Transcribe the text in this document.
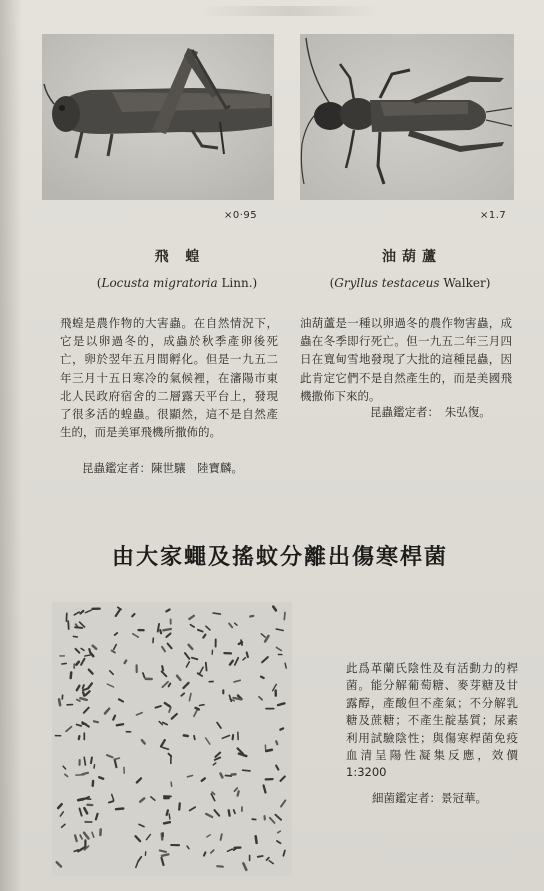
×0·95	×1.7
飛 蝗	油葫蘆
(Locusta migratoria Linn.)	(Gryllus testaceus Walker)
飛蝗是農作物的大害蟲。在自然情況下，它是以卵過冬的，成蟲於秋季產卵後死亡，卵於翌年五月間孵化。但是一九五二年三月十五日寒冷的氣候裡，在瀋陽市東北人民政府宿舍的二層露天平台上，發現了很多活的蝗蟲。很顯然，這不是自然產生的，而是美軍飛機所撒佈的。
昆蟲鑑定者：陳世驤　陸寶麟。
油葫蘆是一種以卵過冬的農作物害蟲，成蟲在冬季即行死亡。但一九五二年三月四日在寬甸雪地發現了大批的這種昆蟲，因此肯定它們不是自然產生的，而是美國飛機撒佈下來的。
昆蟲鑑定者：　朱弘復。
由大家蠅及搖蚊分離出傷寒桿菌
此爲革蘭氏陰性及有活動力的桿菌。能分解葡萄糖、麥芽糖及甘露醇，產酸但不產氣；不分解乳糖及蔗糖；不產生靛基質；尿素利用試驗陰性；與傷寒桿菌免疫血清呈陽性凝集反應，效價1:3200
細菌鑑定者：景冠華。
